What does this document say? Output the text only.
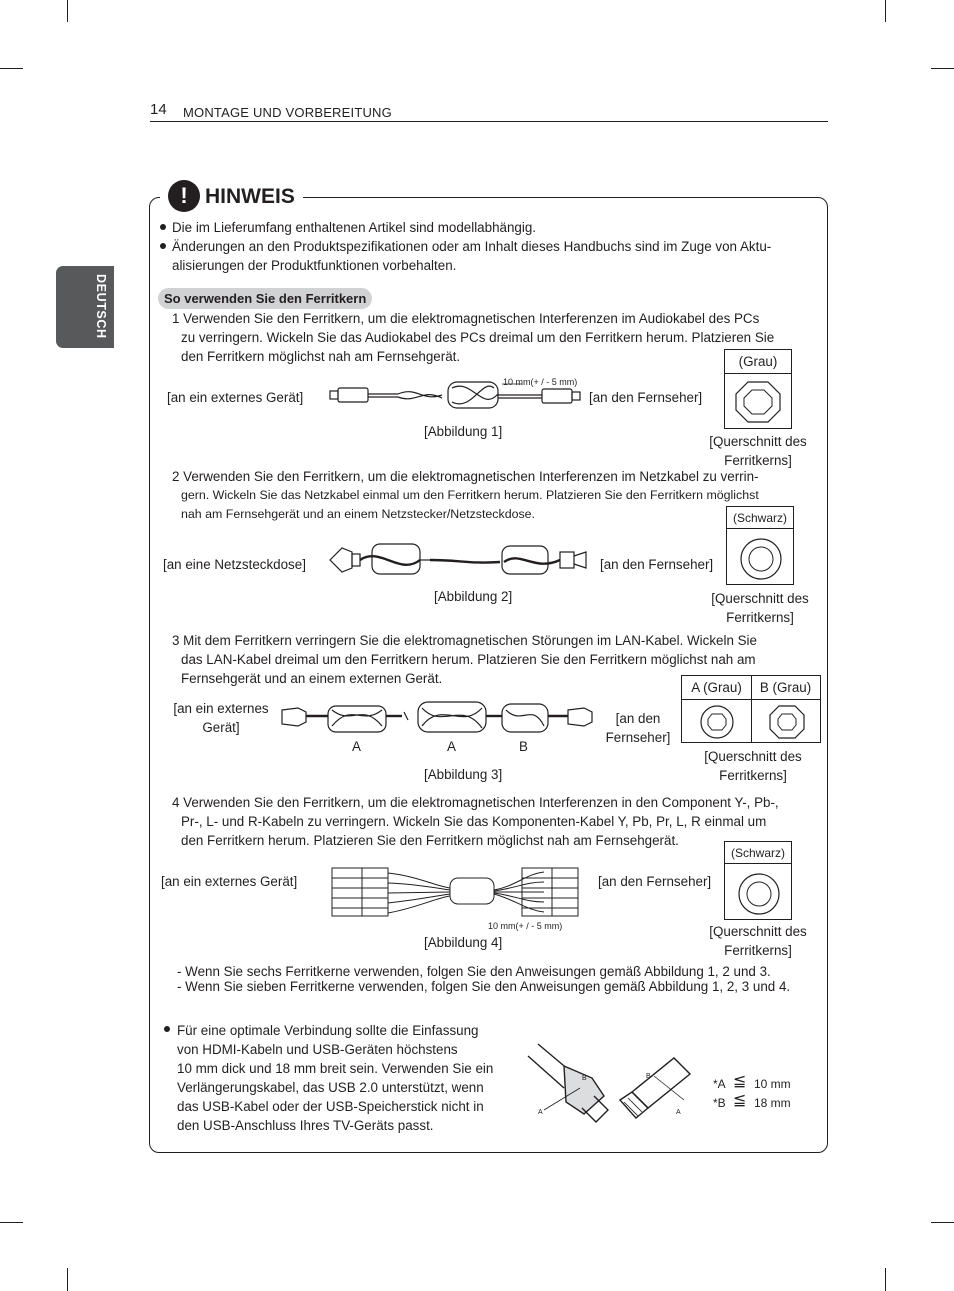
14 MONTAGE UND VORBEREITUNG
DEUTSCH
! HINWEIS
Die im Lieferumfang enthaltenen Artikel sind modellabhängig.
Änderungen an den Produktspezifikationen oder am Inhalt dieses Handbuchs sind im Zuge von Aktu-
alisierungen der Produktfunktionen vorbehalten.
So verwenden Sie den Ferritkern
1 Verwenden Sie den Ferritkern, um die elektromagnetischen Interferenzen im Audiokabel des PCs
zu verringern. Wickeln Sie das Audiokabel des PCs dreimal um den Ferritkern herum. Platzieren Sie
den Ferritkern möglichst nah am Fernsehgerät.
[an ein externes Gerät]	[an den Fernseher]
10 mm(+ / - 5 mm)
[Abbildung 1]
(Grau)
[Querschnitt des
Ferritkerns]
2 Verwenden Sie den Ferritkern, um die elektromagnetischen Interferenzen im Netzkabel zu verrin-
gern. Wickeln Sie das Netzkabel einmal um den Ferritkern herum. Platzieren Sie den Ferritkern möglichst
nah am Fernsehgerät und an einem Netzstecker/Netzsteckdose.
[an eine Netzsteckdose]	[an den Fernseher]
[Abbildung 2]
(Schwarz)
[Querschnitt des
Ferritkerns]
3 Mit dem Ferritkern verringern Sie die elektromagnetischen Störungen im LAN-Kabel. Wickeln Sie
das LAN-Kabel dreimal um den Ferritkern herum. Platzieren Sie den Ferritkern möglichst nah am
Fernsehgerät und an einem externen Gerät.
[an ein externes
Gerät]
[an den
Fernseher]
A	A	B
[Abbildung 3]
A (Grau)	B (Grau)
[Querschnitt des
Ferritkerns]
4 Verwenden Sie den Ferritkern, um die elektromagnetischen Interferenzen in den Component Y-, Pb-,
Pr-, L- und R-Kabeln zu verringern. Wickeln Sie das Komponenten-Kabel Y, Pb, Pr, L, R einmal um
den Ferritkern herum. Platzieren Sie den Ferritkern möglichst nah am Fernsehgerät.
[an ein externes Gerät]	[an den Fernseher]
10 mm(+ / - 5 mm)
[Abbildung 4]
(Schwarz)
[Querschnitt des
Ferritkerns]
- Wenn Sie sechs Ferritkerne verwenden, folgen Sie den Anweisungen gemäß Abbildung 1, 2 und 3.
- Wenn Sie sieben Ferritkerne verwenden, folgen Sie den Anweisungen gemäß Abbildung 1, 2, 3 und 4.
Für eine optimale Verbindung sollte die Einfassung
von HDMI-Kabeln und USB-Geräten höchstens
10 mm dick und 18 mm breit sein. Verwenden Sie ein
Verlängerungskabel, das USB 2.0 unterstützt, wenn
das USB-Kabel oder der USB-Speicherstick nicht in
den USB-Anschluss Ihres TV-Geräts passt.
B
A
B
A
*A ≦ 10 mm
*B ≦ 18 mm
